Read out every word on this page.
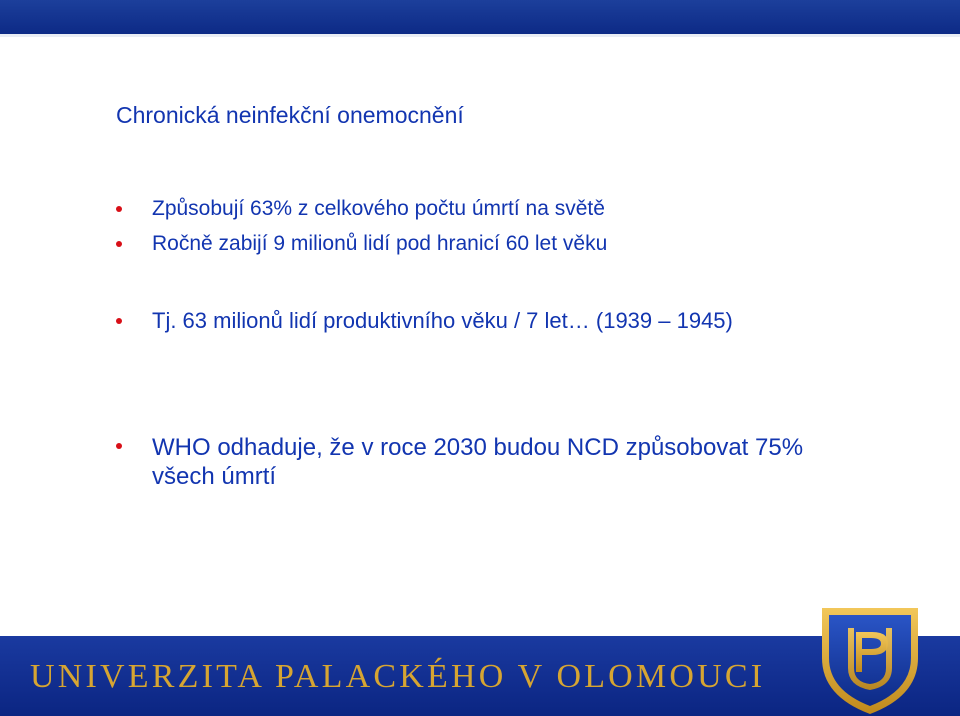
Chronická neinfekční onemocnění
Způsobují 63% z celkového počtu úmrtí na světě
Ročně zabijí 9 milionů lidí pod hranicí 60 let věku
Tj. 63 milionů lidí produktivního věku / 7 let… (1939 – 1945)
WHO odhaduje, že v roce 2030 budou NCD způsobovat 75%
všech úmrtí
UNIVERZITA PALACKÉHO V OLOMOUCI
